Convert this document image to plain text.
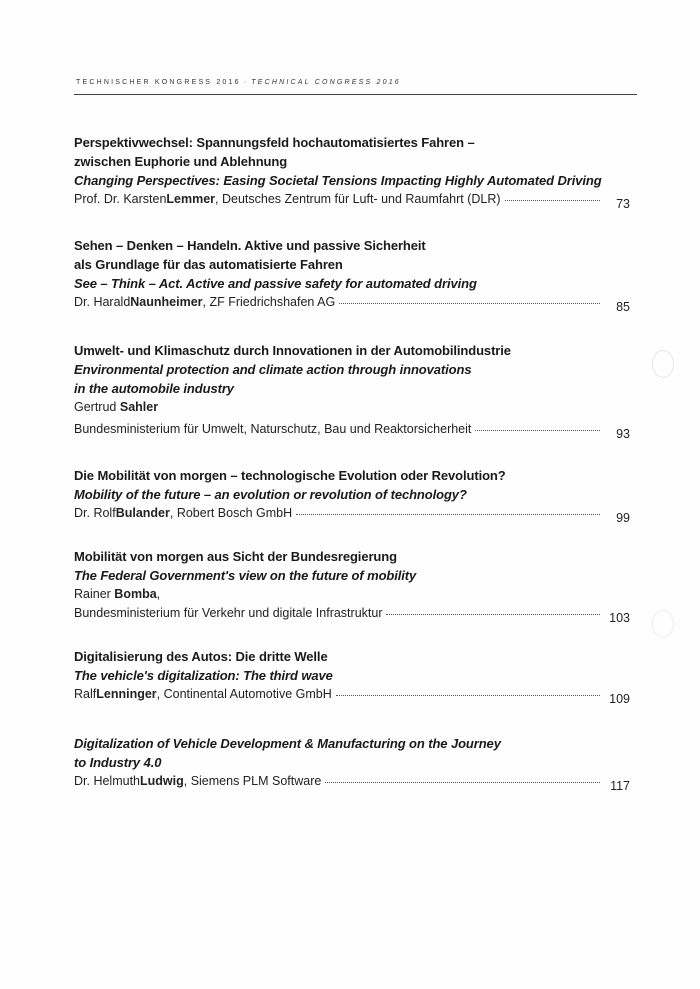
TECHNISCHER KONGRESS 2016 · TECHNICAL CONGRESS 2016
Perspektivwechsel: Spannungsfeld hochautomatisiertes Fahren –
zwischen Euphorie und Ablehnung
Changing Perspectives: Easing Societal Tensions Impacting Highly Automated Driving
Prof. Dr. Karsten Lemmer , Deutsches Zentrum für Luft- und Raumfahrt (DLR)	73
Sehen – Denken – Handeln. Aktive und passive Sicherheit
als Grundlage für das automatisierte Fahren
See – Think – Act. Active and passive safety for automated driving
Dr. Harald Naunheimer , ZF Friedrichshafen AG	85
Umwelt- und Klimaschutz durch Innovationen in der Automobilindustrie
Environmental protection and climate action through innovations
in the automobile industry
Gertrud Sahler
Bundesministerium für Umwelt, Naturschutz, Bau und Reaktorsicherheit	93
Die Mobilität von morgen – technologische Evolution oder Revolution?
Mobility of the future – an evolution or revolution of technology?
Dr. Rolf Bulander , Robert Bosch GmbH	99
Mobilität von morgen aus Sicht der Bundesregierung
The Federal Government's view on the future of mobility
Rainer Bomba,
Bundesministerium für Verkehr und digitale Infrastruktur	103
Digitalisierung des Autos: Die dritte Welle
The vehicle's digitalization: The third wave
Ralf Lenninger , Continental Automotive GmbH	109
Digitalization of Vehicle Development & Manufacturing on the Journey
to Industry 4.0
Dr. Helmuth Ludwig , Siemens PLM Software	117
